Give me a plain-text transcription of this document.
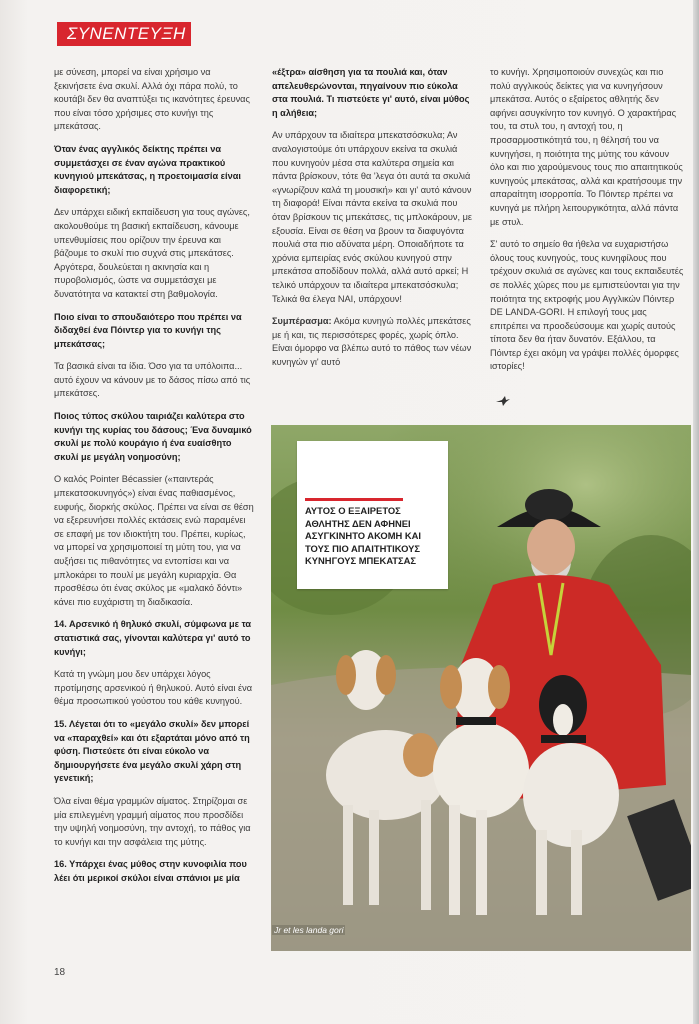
ΣΥΝΕΝΤΕΥΞΗ

με σύνεση, μπορεί να είναι χρήσιμο να ξεκινήσετε ένα σκυλί. Αλλά όχι πάρα πολύ, το κουτάβι δεν θα αναπτύξει τις ικανότητες έρευνας που είναι τόσο χρήσιμες στο κυνήγι της μπεκάτσας.

Όταν ένας αγγλικός δείκτης πρέπει να συμμετάσχει σε έναν αγώνα πρακτικού κυνηγιού μπεκάτσας, η προετοιμασία είναι διαφορετική;

Δεν υπάρχει ειδική εκπαίδευση για τους αγώνες, ακολουθούμε τη βασική εκπαίδευση, κάνουμε υπενθυμίσεις που ορίζουν την έρευνα και βάζουμε το σκυλί πιο συχνά στις μπεκάτσες. Αργότερα, δουλεύεται η ακινησία και η πυροβολισμός, ώστε να συμμετάσχει με δυνατότητα να κατακτεί στη βαθμολογία.

Ποιο είναι το σπουδαιότερο που πρέπει να διδαχθεί ένα Πόιντερ για το κυνήγι της μπεκάτσας;

Τα βασικά είναι τα ίδια. Όσο για τα υπόλοιπα... αυτό έχουν να κάνουν με το δάσος πίσω από τις μπεκάτσες.

Ποιος τύπος σκύλου ταιριάζει καλύτερα στο κυνήγι της κυρίας του δάσους; Ένα δυναμικό σκυλί με πολύ κουράγιο ή ένα ευαίσθητο σκυλί με μεγάλη νοημοσύνη;

Ο καλός Pointer Bécassier («παιντεράς μπεκατσοκυνηγός») είναι ένας παθιασμένος, ευφυής, διορκής σκύλος. Πρέπει να είναι σε θέση να εξερευνήσει πολλές εκτάσεις ενώ παραμένει σε επαφή με τον ιδιοκτήτη του. Πρέπει, κυρίως, να μπορεί να χρησιμοποιεί τη μύτη του, για να αυξήσει τις πιθανότητες να εντοπίσει και να μπλοκάρει το πουλί με μεγάλη κυριαρχία. Θα προσθέσω ότι ένας σκύλος με «μαλακό δόντι» κάνει πιο ευχάριστη τη διαδικασία.

14. Αρσενικό ή θηλυκό σκυλί, σύμφωνα με τα στατιστικά σας, γίνονται καλύτερα γι' αυτό το κυνήγι;

Κατά τη γνώμη μου δεν υπάρχει λόγος προτίμησης αρσενικού ή θηλυκού. Αυτό είναι ένα θέμα προσωπικού γούστου του κάθε κυνηγού.

15. Λέγεται ότι το «μεγάλο σκυλί» δεν μπορεί να «παραχθεί» και ότι εξαρτάται μόνο από τη φύση. Πιστεύετε ότι είναι εύκολο να δημιουργήσετε ένα μεγάλο σκυλί χάρη στη γενετική;

Όλα είναι θέμα γραμμών αίματος. Στηρίζομαι σε μία επιλεγμένη γραμμή αίματος που προσδίδει την υψηλή νοημοσύνη, την αντοχή, το πάθος για το κυνήγι και την ασφάλεια της μύτης.

16. Υπάρχει ένας μύθος στην κυνοφιλία που λέει ότι μερικοί σκύλοι είναι σπάνιοι με μία

«έξτρα» αίσθηση για τα πουλιά και, όταν απελευθερώνονται, πηγαίνουν πιο εύκολα στα πουλιά. Τι πιστεύετε γι' αυτό, είναι μύθος η αλήθεια;

Αν υπάρχουν τα ιδιαίτερα μπεκατσόσκυλα; Αν αναλογιστούμε ότι υπάρχουν εκείνα τα σκυλιά που κυνηγούν μέσα στα καλύτερα σημεία και πάντα βρίσκουν, τότε θα 'λεγα ότι αυτά τα σκυλιά «γνωρίζουν καλά τη μουσική» και γι' αυτό κάνουν τη διαφορά! Είναι πάντα εκείνα τα σκυλιά που όταν βρίσκουν τις μπεκάτσες, τις μπλοκάρουν, με εξουσία. Είναι σε θέση να βρουν τα διαφυγόντα πουλιά στα πιο αδύνατα μέρη. Οποιαδήποτε τα χρόνια εμπειρίας ενός σκύλου κυνηγού στην μπεκάτσα αποδίδουν πολλά, αλλά αυτό αρκεί; Η τελικό υπάρχουν τα ιδιαίτερα μπεκατσόσκυλα; Τελικά θα έλεγα ΝΑΙ, υπάρχουν!

Συμπέρασμα: Ακόμα κυνηγώ πολλές μπεκάτσες με ή και, τις περισσότερες φορές, χωρίς όπλο. Είναι όμορφο να βλέπω αυτό το πάθος των νέων κυνηγών γι' αυτό

το κυνήγι. Χρησιμοποιούν συνεχώς και πιο πολύ αγγλικούς δείκτες για να κυνηγήσουν μπεκάτσα. Αυτός ο εξαίρετος αθλητής δεν αφήνει ασυγκίνητο τον κυνηγό. Ο χαρακτήρας του, τα στυλ του, η αντοχή του, η προσαρμοστικότητά του, η θέλησή του να κυνηγήσει, η ποιότητα της μύτης του κάνουν όλο και πιο χαρούμενους τους πιο απαιτητικούς κυνηγούς μπεκάτσας, αλλά και κρατήσουμε την απαραίτητη ισορροπία. Το Πόιντερ πρέπει να κυνηγά με πλήρη λειτουργικότητα, αλλά πάντα με στυλ.

Σ' αυτό το σημείο θα ήθελα να ευχαριστήσω όλους τους κυνηγούς, τους κυνηφίλους που τρέχουν σκυλιά σε αγώνες και τους εκπαιδευτές σε πολλές χώρες που με εμπιστεύονται για την ποιότητα της εκτροφής μου Αγγλικών Πόιντερ DE LANDA-GORI. Η επιλογή τους μας επιτρέπει να προοδεύσουμε και χωρίς αυτούς τίποτα δεν θα ήταν δυνατόν. Εξάλλου, τα Πόιντερ έχει ακόμη να γράψει πολλές όμορφες ιστορίες!

ΑΥΤΟΣ Ο ΕΞΑΙΡΕΤΟΣ ΑΘΛΗΤΗΣ ΔΕΝ ΑΦΗΝΕΙ ΑΣΥΓΚΙΝΗΤΟ ΑΚΟΜΗ ΚΑΙ ΤΟΥΣ ΠΙΟ ΑΠΑΙΤΗΤΙΚΟΥΣ ΚΥΝΗΓΟΥΣ ΜΠΕΚΑΤΣΑΣ
Jr et les landa gori
18
